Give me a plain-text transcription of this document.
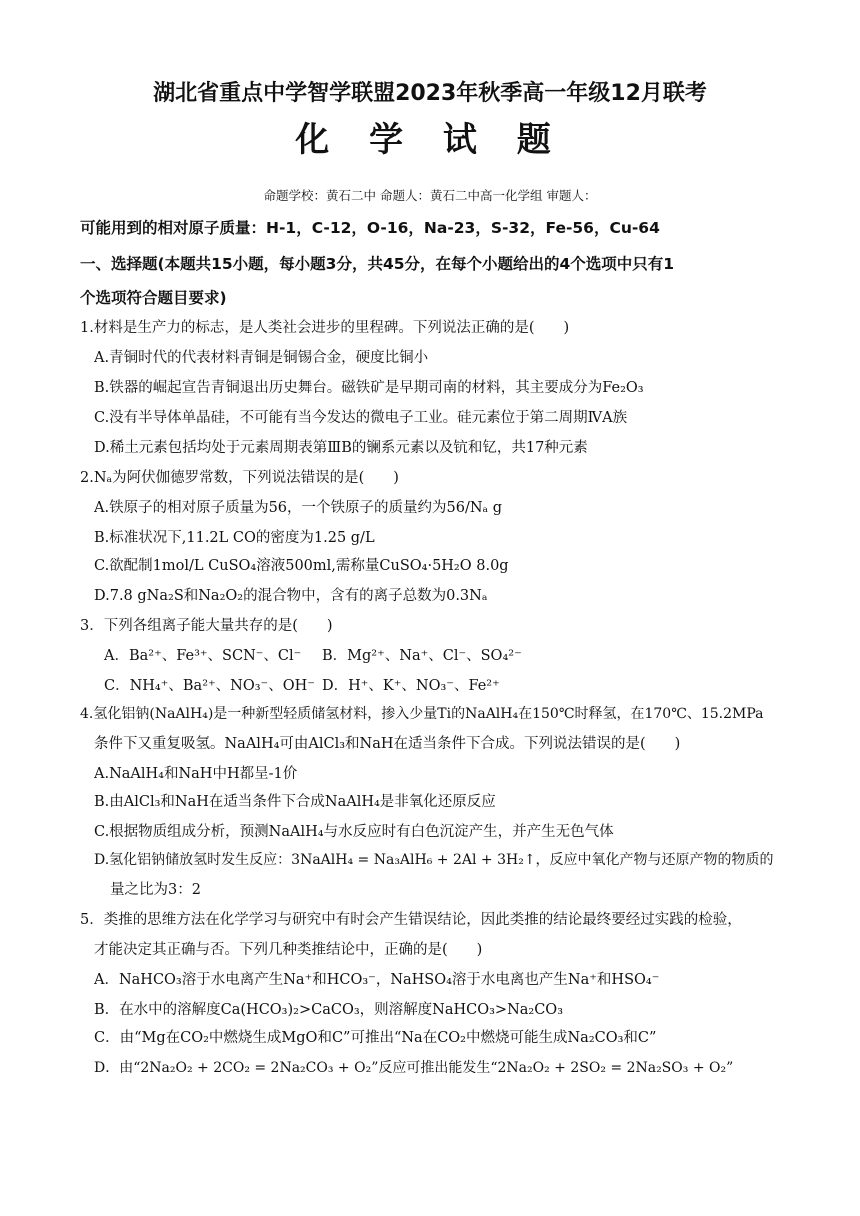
湖北省重点中学智学联盟2023年秋季高一年级12月联考
化 学 试 题
命题学校：黄石二中 命题人：黄石二中高一化学组 审题人：
可能用到的相对原子质量：H-1，C-12，O-16，Na-23，S-32，Fe-56，Cu-64
一、选择题(本题共15小题，每小题3分，共45分，在每个小题给出的4个选项中只有1
个选项符合题目要求)
1.材料是生产力的标志，是人类社会进步的里程碑。下列说法正确的是(　　)
A.青铜时代的代表材料青铜是铜锡合金，硬度比铜小
B.铁器的崛起宣告青铜退出历史舞台。磁铁矿是早期司南的材料，其主要成分为Fe₂O₃
C.没有半导体单晶硅，不可能有当今发达的微电子工业。硅元素位于第二周期ⅣA族
D.稀土元素包括均处于元素周期表第ⅢB的镧系元素以及钪和钇，共17种元素
2.Nₐ为阿伏伽德罗常数，下列说法错误的是(　　)
A.铁原子的相对原子质量为56，一个铁原子的质量约为56/Nₐ g
B.标准状况下,11.2L CO的密度为1.25 g/L
C.欲配制1mol/L CuSO₄溶液500ml,需称量CuSO₄·5H₂O 8.0g
D.7.8 gNa₂S和Na₂O₂的混合物中，含有的离子总数为0.3Nₐ
3．下列各组离子能大量共存的是(　　)
A．Ba²⁺、Fe³⁺、SCN⁻、Cl⁻ B．Mg²⁺、Na⁺、Cl⁻、SO₄²⁻
C．NH₄⁺、Ba²⁺、NO₃⁻、OH⁻ D．H⁺、K⁺、NO₃⁻、Fe²⁺
4.氢化铝钠(NaAlH₄)是一种新型轻质储氢材料，掺入少量Ti的NaAlH₄在150℃时释氢，在170℃、15.2MPa
条件下又重复吸氢。NaAlH₄可由AlCl₃和NaH在适当条件下合成。下列说法错误的是(　　)
A.NaAlH₄和NaH中H都呈-1价
B.由AlCl₃和NaH在适当条件下合成NaAlH₄是非氧化还原反应
C.根据物质组成分析，预测NaAlH₄与水反应时有白色沉淀产生，并产生无色气体
D.氢化铝钠储放氢时发生反应：3NaAlH₄ = Na₃AlH₆ + 2Al + 3H₂↑，反应中氧化产物与还原产物的物质的
量之比为3：2
5．类推的思维方法在化学学习与研究中有时会产生错误结论，因此类推的结论最终要经过实践的检验，
才能决定其正确与否。下列几种类推结论中，正确的是(　　)
A．NaHCO₃溶于水电离产生Na⁺和HCO₃⁻，NaHSO₄溶于水电离也产生Na⁺和HSO₄⁻
B．在水中的溶解度Ca(HCO₃)₂>CaCO₃，则溶解度NaHCO₃>Na₂CO₃
C．由“Mg在CO₂中燃烧生成MgO和C”可推出“Na在CO₂中燃烧可能生成Na₂CO₃和C”
D．由“2Na₂O₂ + 2CO₂ = 2Na₂CO₃ + O₂”反应可推出能发生“2Na₂O₂ + 2SO₂ = 2Na₂SO₃ + O₂”
